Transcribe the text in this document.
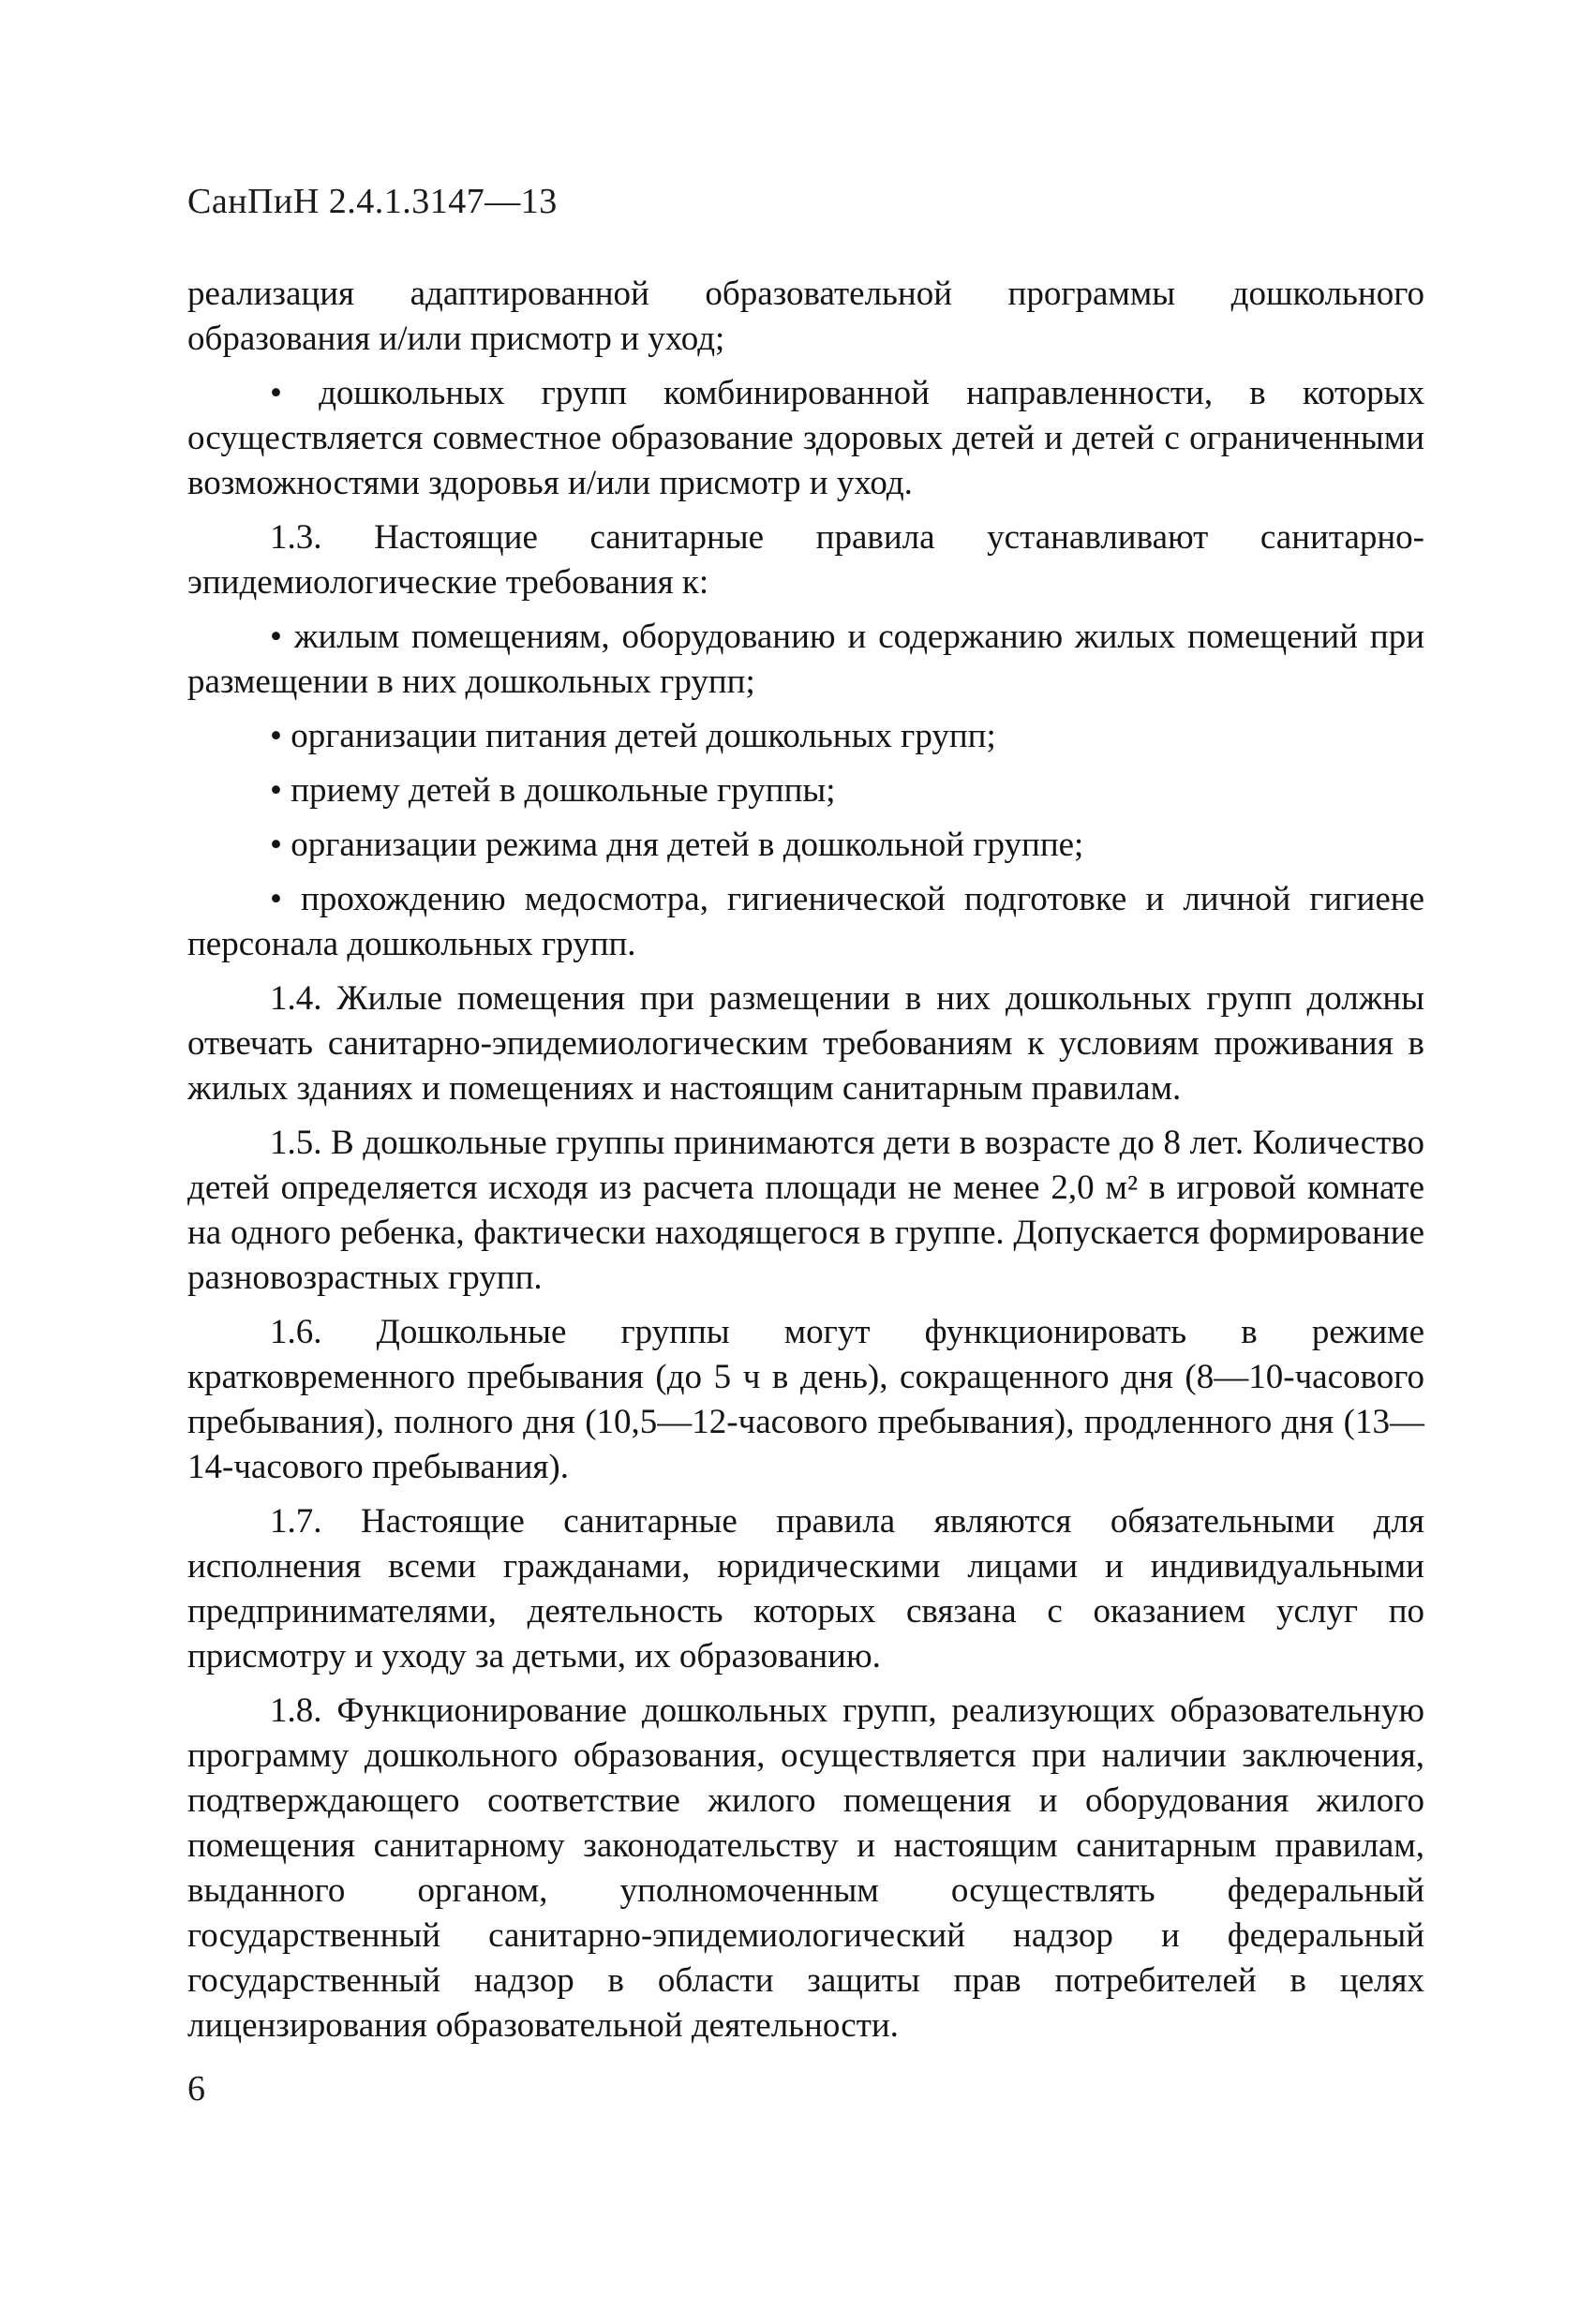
СанПиН 2.4.1.3147—13

реализация адаптированной образовательной программы дошкольного образования и/или присмотр и уход;

• дошкольных групп комбинированной направленности, в которых осуществляется совместное образование здоровых детей и детей с ограниченными возможностями здоровья и/или присмотр и уход.

1.3. Настоящие санитарные правила устанавливают санитарно-эпидемиологические требования к:

• жилым помещениям, оборудованию и содержанию жилых помещений при размещении в них дошкольных групп;

• организации питания детей дошкольных групп;

• приему детей в дошкольные группы;

• организации режима дня детей в дошкольной группе;

• прохождению медосмотра, гигиенической подготовке и личной гигиене персонала дошкольных групп.

1.4. Жилые помещения при размещении в них дошкольных групп должны отвечать санитарно-эпидемиологическим требованиям к условиям проживания в жилых зданиях и помещениях и настоящим санитарным правилам.

1.5. В дошкольные группы принимаются дети в возрасте до 8 лет. Количество детей определяется исходя из расчета площади не менее 2,0 м² в игровой комнате на одного ребенка, фактически находящегося в группе. Допускается формирование разновозрастных групп.

1.6. Дошкольные группы могут функционировать в режиме кратковременного пребывания (до 5 ч в день), сокращенного дня (8—10-часового пребывания), полного дня (10,5—12-часового пребывания), продленного дня (13—14-часового пребывания).

1.7. Настоящие санитарные правила являются обязательными для исполнения всеми гражданами, юридическими лицами и индивидуальными предпринимателями, деятельность которых связана с оказанием услуг по присмотру и уходу за детьми, их образованию.

1.8. Функционирование дошкольных групп, реализующих образовательную программу дошкольного образования, осуществляется при наличии заключения, подтверждающего соответствие жилого помещения и оборудования жилого помещения санитарному законодательству и настоящим санитарным правилам, выданного органом, уполномоченным осуществлять федеральный государственный санитарно-эпидемиологический надзор и федеральный государственный надзор в области защиты прав потребителей в целях лицензирования образовательной деятельности.

6
